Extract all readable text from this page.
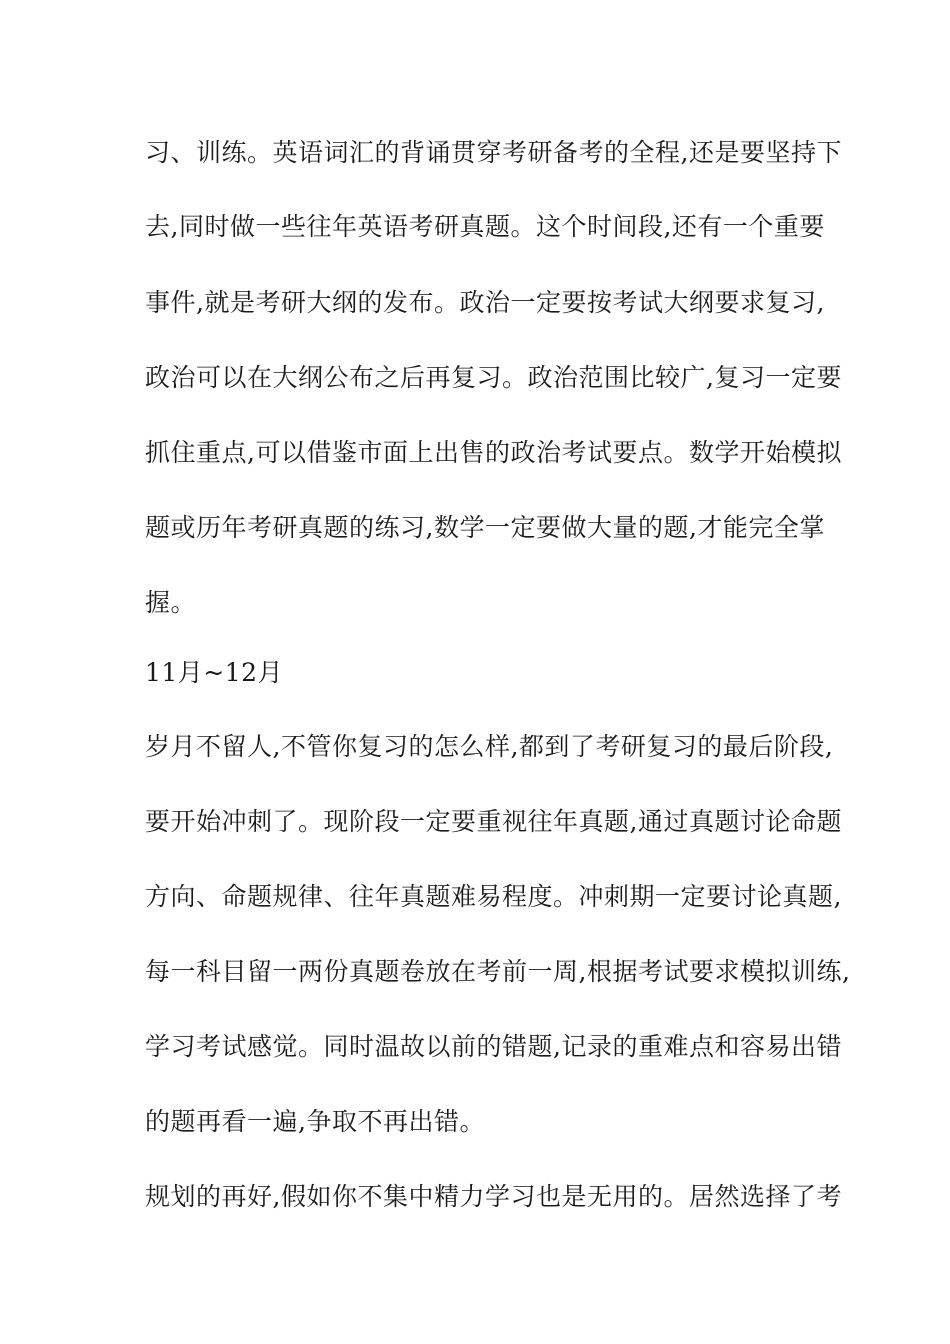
习、训练。英语词汇的背诵贯穿考研备考的全程,还是要坚持下
去,同时做一些往年英语考研真题。这个时间段,还有一个重要
事件,就是考研大纲的发布。政治一定要按考试大纲要求复习,
政治可以在大纲公布之后再复习。政治范围比较广,复习一定要
抓住重点,可以借鉴市面上出售的政治考试要点。数学开始模拟
题或历年考研真题的练习,数学一定要做大量的题,才能完全掌
握。
11月~12月
岁月不留人,不管你复习的怎么样,都到了考研复习的最后阶段,
要开始冲刺了。现阶段一定要重视往年真题,通过真题讨论命题
方向、命题规律、往年真题难易程度。冲刺期一定要讨论真题,
每一科目留一两份真题卷放在考前一周,根据考试要求模拟训练,
学习考试感觉。同时温故以前的错题,记录的重难点和容易出错
的题再看一遍,争取不再出错。
规划的再好,假如你不集中精力学习也是无用的。居然选择了考
